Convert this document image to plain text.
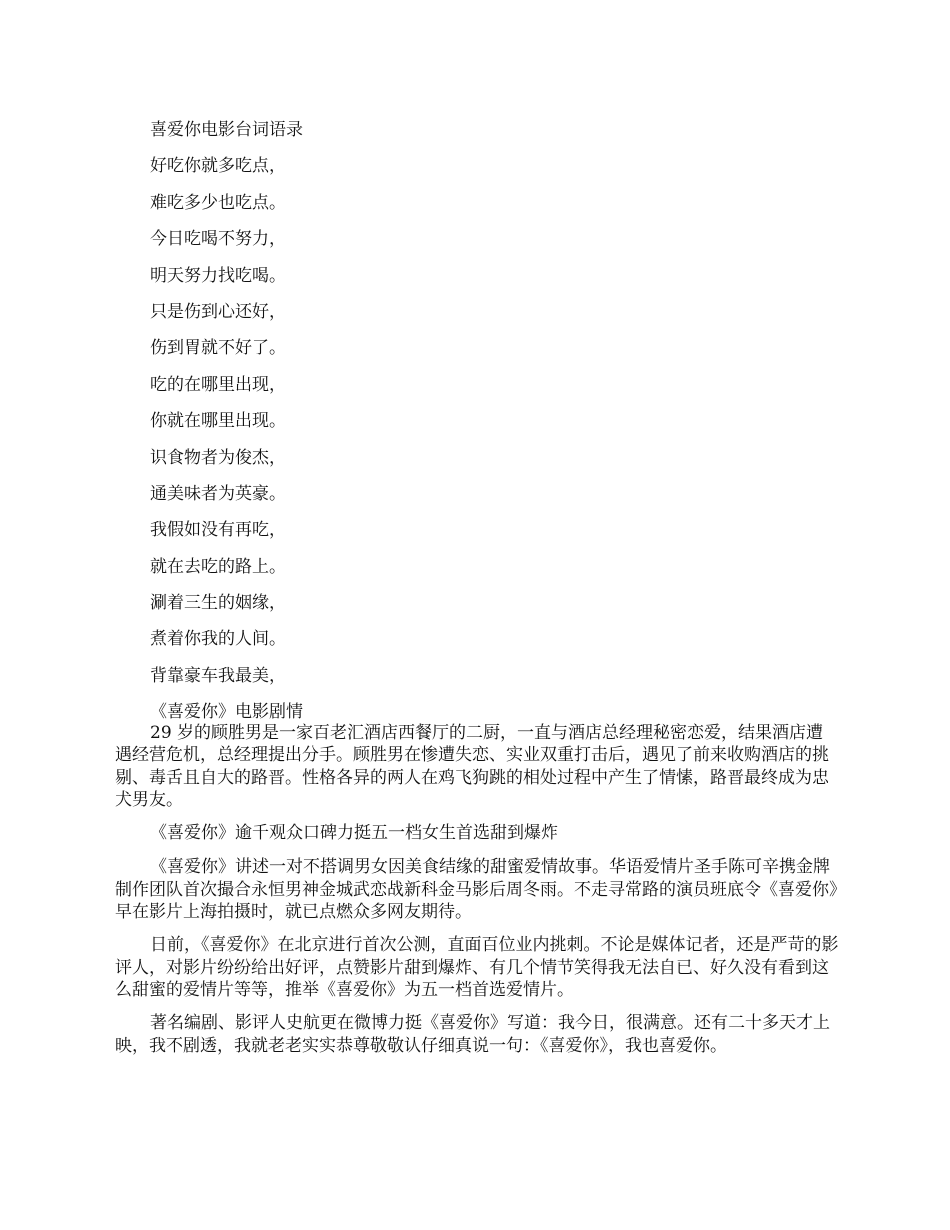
喜爱你电影台词语录
好吃你就多吃点，
难吃多少也吃点。
今日吃喝不努力，
明天努力找吃喝。
只是伤到心还好，
伤到胃就不好了。
吃的在哪里出现，
你就在哪里出现。
识食物者为俊杰，
通美味者为英豪。
我假如没有再吃，
就在去吃的路上。
涮着三生的姻缘，
煮着你我的人间。
背靠豪车我最美，
《喜爱你》电影剧情

29 岁的顾胜男是一家百老汇酒店西餐厅的二厨，一直与酒店总经理秘密恋爱，结果酒店遭遇经营危机，总经理提出分手。顾胜男在惨遭失恋、实业双重打击后，遇见了前来收购酒店的挑剔、毒舌且自大的路晋。性格各异的两人在鸡飞狗跳的相处过程中产生了情愫，路晋最终成为忠犬男友。

《喜爱你》逾千观众口碑力挺五一档女生首选甜到爆炸

《喜爱你》讲述一对不搭调男女因美食结缘的甜蜜爱情故事。华语爱情片圣手陈可辛携金牌制作团队首次撮合永恒男神金城武恋战新科金马影后周冬雨。不走寻常路的演员班底令《喜爱你》早在影片上海拍摄时，就已点燃众多网友期待。

日前，《喜爱你》在北京进行首次公测，直面百位业内挑刺。不论是媒体记者，还是严苛的影评人，对影片纷纷给出好评，点赞影片甜到爆炸、有几个情节笑得我无法自已、好久没有看到这么甜蜜的爱情片等等，推举《喜爱你》为五一档首选爱情片。

著名编剧、影评人史航更在微博力挺《喜爱你》写道：我今日，很满意。还有二十多天才上映，我不剧透，我就老老实实恭尊敬敬认仔细真说一句：《喜爱你》，我也喜爱你。
